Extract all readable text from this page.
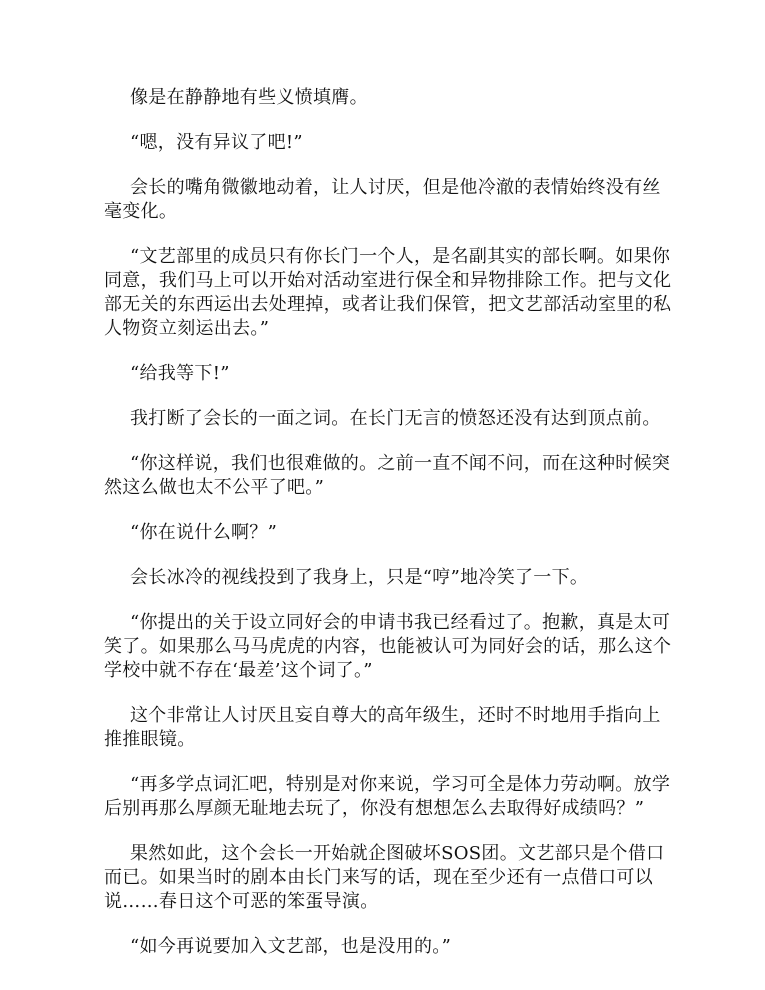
像是在静静地有些义愤填膺。

“嗯，没有异议了吧!”

会长的嘴角微徽地动着，让人讨厌，但是他冷澈的表情始终没有丝毫变化。

“文艺部里的成员只有你长门一个人，是名副其实的部长啊。如果你同意，我们马上可以开始对活动室进行保全和异物排除工作。把与文化部无关的东西运出去处理掉，或者让我们保管，把文艺部活动室里的私人物资立刻运出去。”

“给我等下!”

我打断了会长的一面之词。在长门无言的愤怒还没有达到顶点前。

“你这样说，我们也很难做的。之前一直不闻不问，而在这种时候突然这么做也太不公平了吧。”

“你在说什么啊？”

会长冰冷的视线投到了我身上，只是“哼”地冷笑了一下。

“你提出的关于设立同好会的申请书我已经看过了。抱歉，真是太可笑了。如果那么马马虎虎的内容，也能被认可为同好会的话，那么这个学校中就不存在‘最差’这个词了。”

这个非常让人讨厌且妄自尊大的高年级生，还时不时地用手指向上推推眼镜。

“再多学点词汇吧，特别是对你来说，学习可全是体力劳动啊。放学后别再那么厚颜无耻地去玩了，你没有想想怎么去取得好成绩吗？”

果然如此，这个会长一开始就企图破坏SOS团。文艺部只是个借口而已。如果当时的剧本由长门来写的话，现在至少还有一点借口可以说……春日这个可恶的笨蛋导演。

“如今再说要加入文艺部，也是没用的。”
